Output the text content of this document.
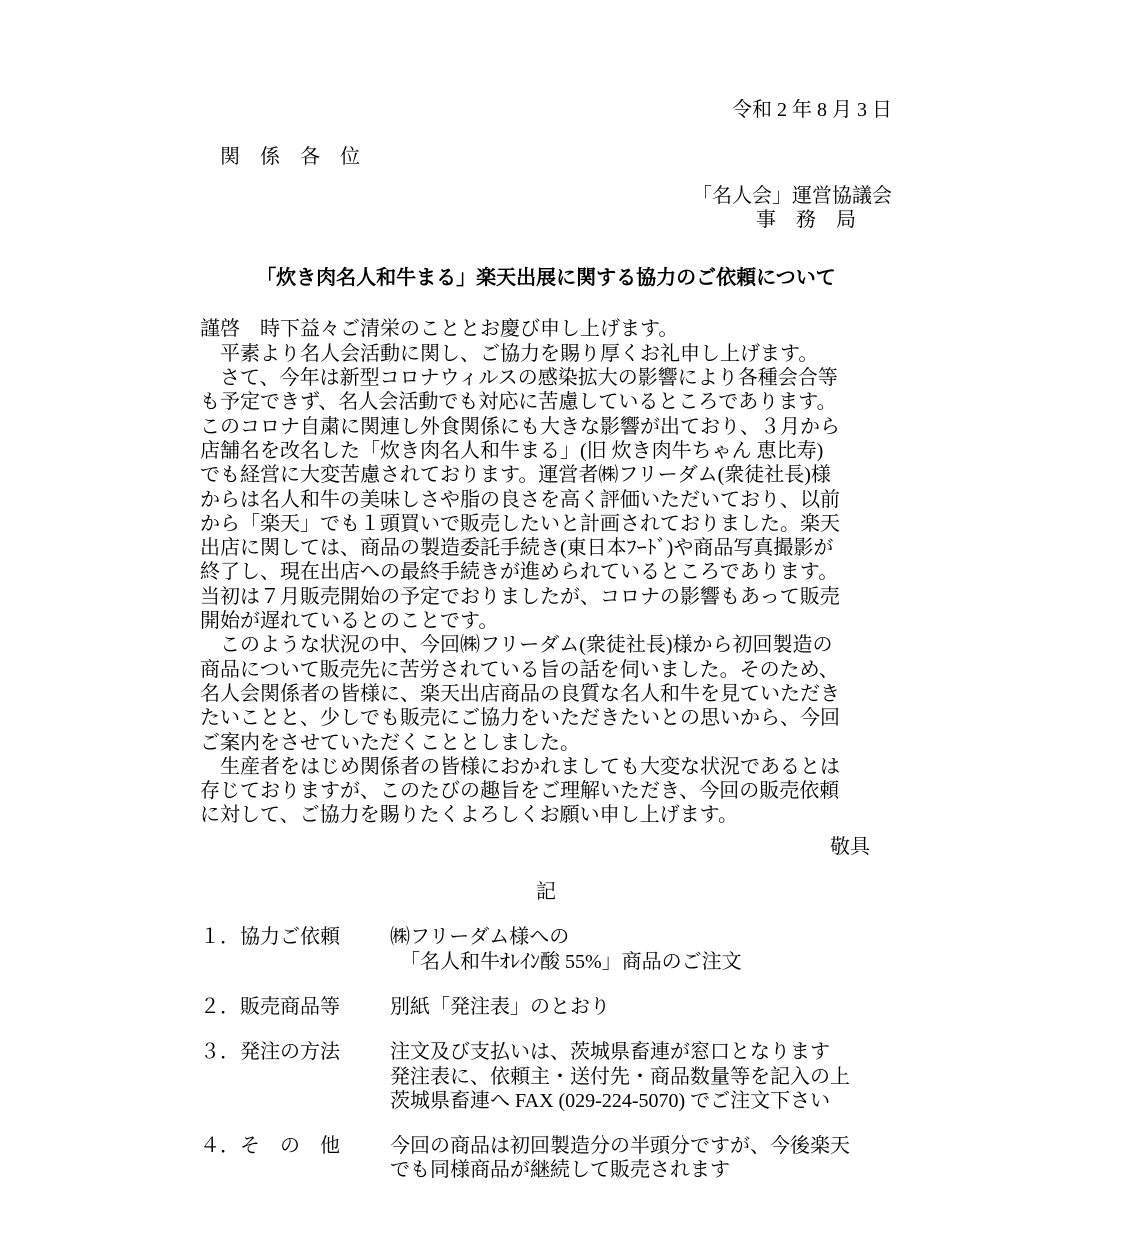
令和 2 年 8 月 3 日
関　係　各　位
「名人会」運営協議会
事　務　局
「炊き肉名人和牛まる」楽天出展に関する協力のご依頼について
謹啓　時下益々ご清栄のこととお慶び申し上げます。
　平素より名人会活動に関し、ご協力を賜り厚くお礼申し上げます。
　さて、今年は新型コロナウィルスの感染拡大の影響により各種会合等
も予定できず、名人会活動でも対応に苦慮しているところであります。
このコロナ自粛に関連し外食関係にも大きな影響が出ており、３月から
店舗名を改名した「炊き肉名人和牛まる」(旧 炊き肉牛ちゃん 恵比寿)
でも経営に大変苦慮されております。運営者㈱フリーダム(衆徒社長)様
からは名人和牛の美味しさや脂の良さを高く評価いただいており、以前
から「楽天」でも１頭買いで販売したいと計画されておりました。楽天
出店に関しては、商品の製造委託手続き(東日本ﾌｰﾄﾞ)や商品写真撮影が
終了し、現在出店への最終手続きが進められているところであります。
当初は７月販売開始の予定でおりましたが、コロナの影響もあって販売
開始が遅れているとのことです。
　このような状況の中、今回㈱フリーダム(衆徒社長)様から初回製造の
商品について販売先に苦労されている旨の話を伺いました。そのため、
名人会関係者の皆様に、楽天出店商品の良質な名人和牛を見ていただき
たいことと、少しでも販売にご協力をいただきたいとの思いから、今回
ご案内をさせていただくこととしました。
　生産者をはじめ関係者の皆様におかれましても大変な状況であるとは
存じておりますが、このたびの趣旨をご理解いただき、今回の販売依頼
に対して、ご協力を賜りたくよろしくお願い申し上げます。
敬具
記
１．協力ご依頼	㈱フリーダム様への
　「名人和牛ｵﾚｲﾝ酸 55%」商品のご注文
２．販売商品等	別紙「発注表」のとおり
３．発注の方法	注文及び支払いは、茨城県畜連が窓口となります
発注表に、依頼主・送付先・商品数量等を記入の上
茨城県畜連へ FAX (029-224-5070) でご注文下さい
４．そ　の　他	今回の商品は初回製造分の半頭分ですが、今後楽天
でも同様商品が継続して販売されます
